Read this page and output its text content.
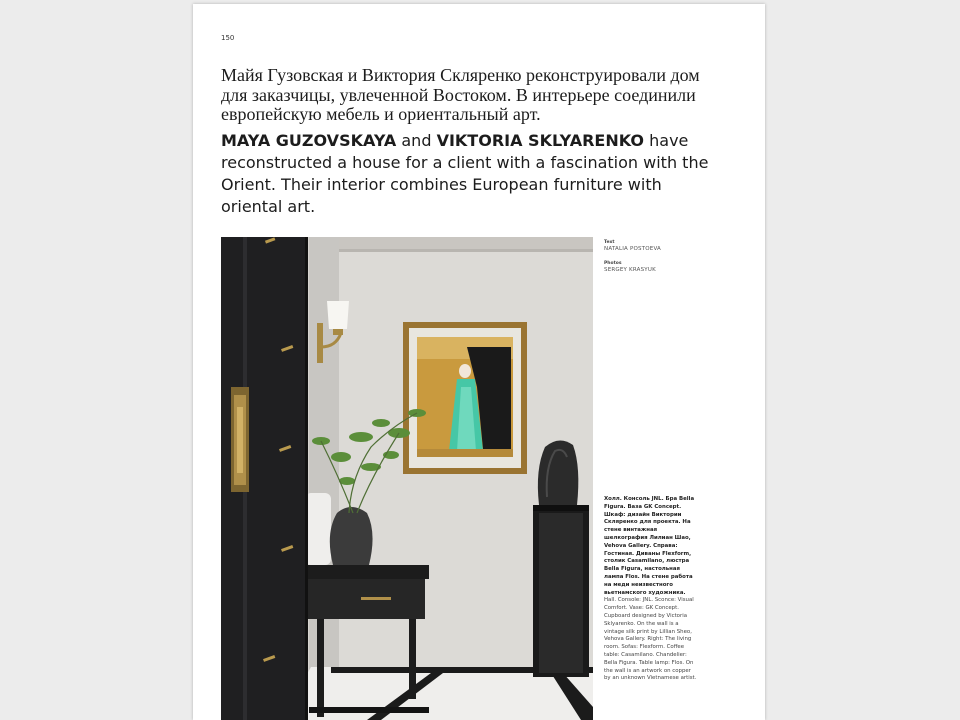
150

Майя Гузовская и Виктория Скляренко реконструировали дом для заказчицы, увлеченной Востоком. В интерьере соединили европейскую мебель и ориентальный арт.

MAYA GUZOVSKAYA and VIKTORIA SKLYARENKO have reconstructed a house for a client with a fascination with the Orient. Their interior combines European furniture with oriental art.

Text
NATALIA POSTOEVA
Photos
SERGEY KRASYUK

Холл. Консоль JNL. Бра Bella Figura. Ваза GK Concept. Шкаф: дизайн Виктории Скляренко для проекта. На стене винтажная шелкография Лилиан Шао, Vehova Gallery. Справа: Гостиная. Диваны Flexform, столик Casamilano, люстра Bella Figura, настольная лампа Flos. На стене работа на меди неизвестного вьетнамского художника. Hall. Console: JNL. Sconce: Visual Comfort. Vase: GK Concept. Cupboard designed by Victoria Sklyarenko. On the wall is a vintage silk print by Lillian Sheo, Vehova Gallery. Right: The living room. Sofas: Flexform. Coffee table: Casamilano. Chandelier: Bella Figura. Table lamp: Flos. On the wall is an artwork on copper by an unknown Vietnamese artist.
